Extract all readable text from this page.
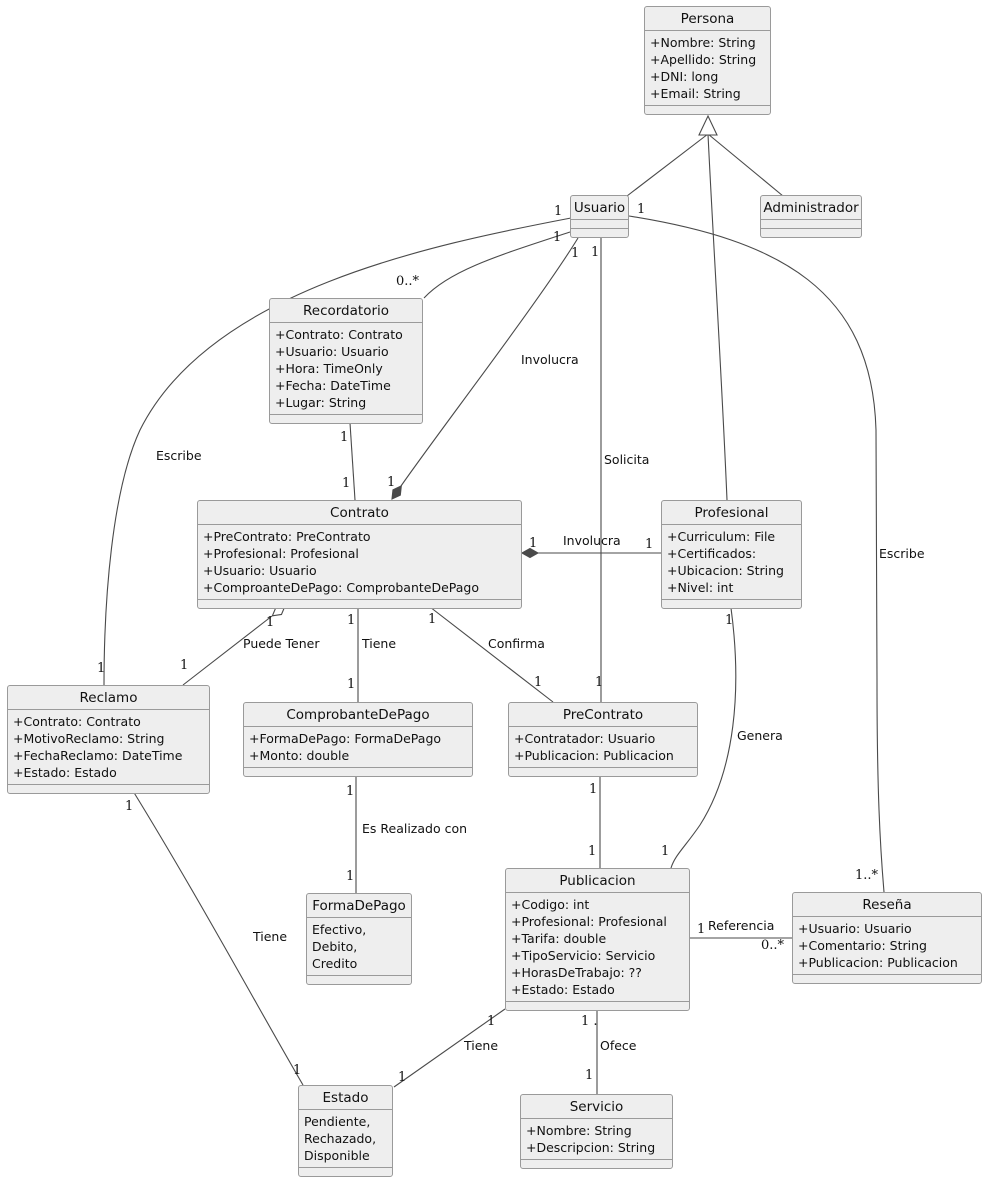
Persona
+Nombre: String
+Apellido: String
+DNI: long
+Email: String
Usuario	Administrador
Recordatorio
+Contrato: Contrato
+Usuario: Usuario
+Hora: TimeOnly
+Fecha: DateTime
+Lugar: String
Contrato
+PreContrato: PreContrato
+Profesional: Profesional
+Usuario: Usuario
+ComproanteDePago: ComprobanteDePago
Profesional
+Curriculum: File
+Certificados:
+Ubicacion: String
+Nivel: int
Reclamo
+Contrato: Contrato
+MotivoReclamo: String
+FechaReclamo: DateTime
+Estado: Estado
ComprobanteDePago
+FormaDePago: FormaDePago
+Monto: double
PreContrato
+Contratador: Usuario
+Publicacion: Publicacion
FormaDePago
Efectivo,
Debito,
Credito
Publicacion
+Codigo: int
+Profesional: Profesional
+Tarifa: double
+TipoServicio: Servicio
+HorasDeTrabajo: ??
+Estado: Estado
Reseña
+Usuario: Usuario
+Comentario: String
+Publicacion: Publicacion
Estado
Pendiente,
Rechazado,
Disponible
Servicio
+Nombre: String
+Descripcion: String
Escribe
1
1
1
0..*
Involucra
1
1
Solicita
1
1
Escribe
1
1..*
1
1
Involucra
1	1
Puede Tener
1
1
Tiene
1
1
Confirma
1
1
Es Realizado con
1
1
1
1
Genera
1
1
Referencia
1
0..*
Tiene
1
1
Ofece
1 .
1
Tiene
1
1
